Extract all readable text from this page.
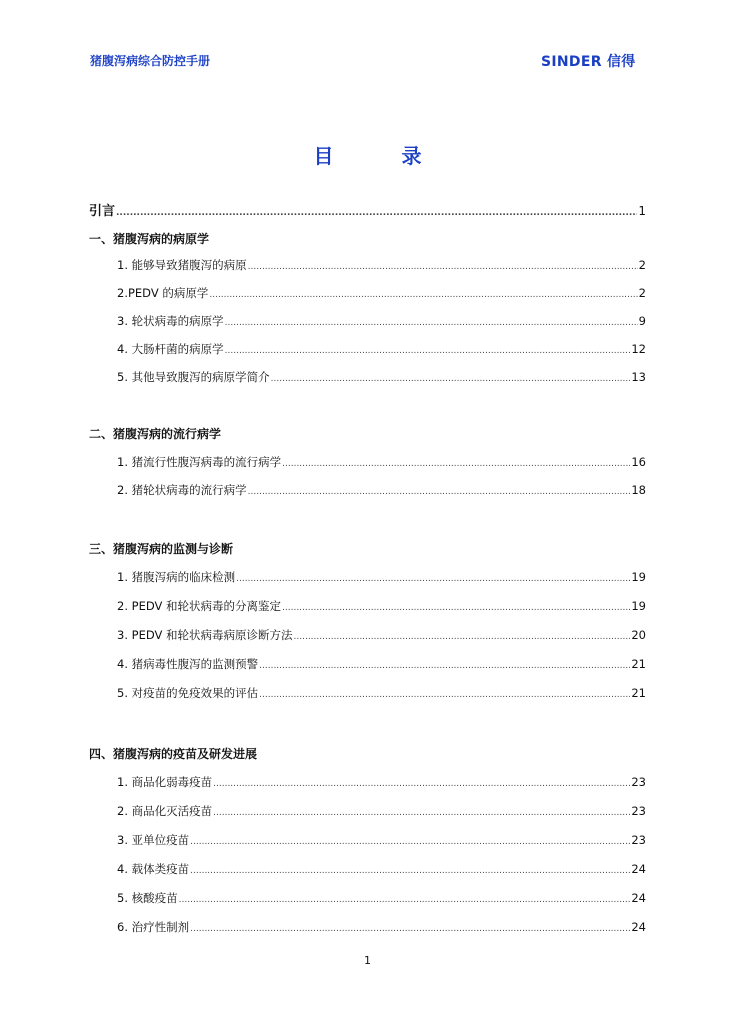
猪腹泻病综合防控手册	SINDER 信得
目	录
引言 .....	1
一、猪腹泻病的病原学
1. 能够导致猪腹泻的病原 .....	2
2.PEDV 的病原学 .....	2
3. 轮状病毒的病原学 .....	9
4. 大肠杆菌的病原学 .....	12
5. 其他导致腹泻的病原学简介 .....	13
二、猪腹泻病的流行病学
1. 猪流行性腹泻病毒的流行病学 .....	16
2. 猪轮状病毒的流行病学 .....	18
三、猪腹泻病的监测与诊断
1. 猪腹泻病的临床检测 .....	19
2. PEDV 和轮状病毒的分离鉴定 .....	19
3. PEDV 和轮状病毒病原诊断方法 .....	20
4. 猪病毒性腹泻的监测预警 .....	21
5. 对疫苗的免疫效果的评估 .....	21
四、猪腹泻病的疫苗及研发进展
1. 商品化弱毒疫苗 .....	23
2. 商品化灭活疫苗 .....	23
3. 亚单位疫苗 .....	23
4. 载体类疫苗 .....	24
5. 核酸疫苗 .....	24
6. 治疗性制剂 .....	24
1
